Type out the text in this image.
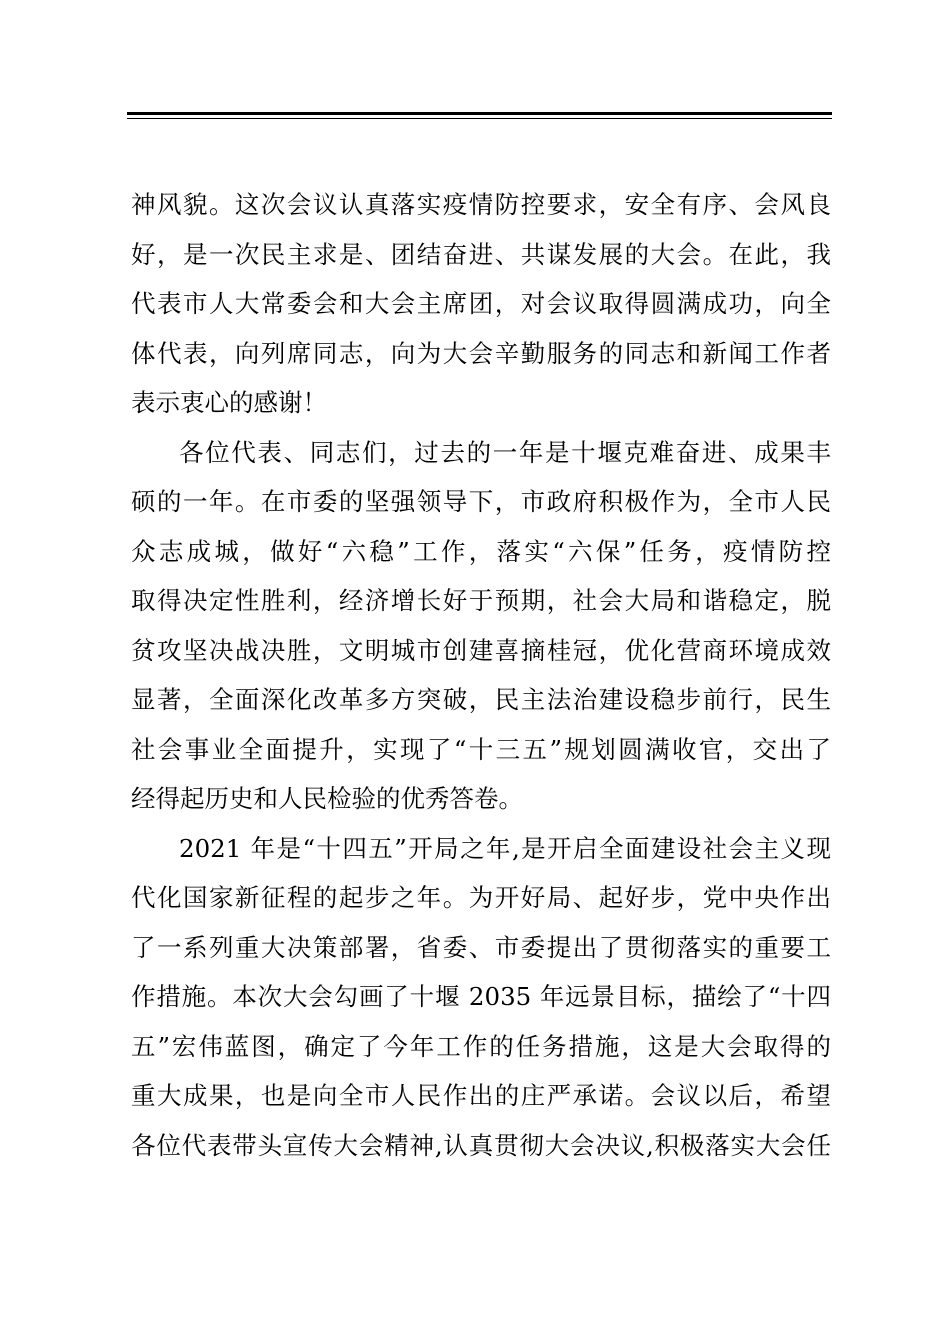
神风貌。这次会议认真落实疫情防控要求，安全有序、会风良
好，是一次民主求是、团结奋进、共谋发展的大会。在此，我
代表市人大常委会和大会主席团，对会议取得圆满成功，向全
体代表，向列席同志，向为大会辛勤服务的同志和新闻工作者
表示衷心的感谢！
各位代表、同志们，过去的一年是十堰克难奋进、成果丰
硕的一年。在市委的坚强领导下，市政府积极作为，全市人民
众志成城，做好“六稳”工作，落实“六保”任务，疫情防控
取得决定性胜利，经济增长好于预期，社会大局和谐稳定，脱
贫攻坚决战决胜，文明城市创建喜摘桂冠，优化营商环境成效
显著，全面深化改革多方突破，民主法治建设稳步前行，民生
社会事业全面提升，实现了“十三五”规划圆满收官，交出了
经得起历史和人民检验的优秀答卷。
2021 年是“十四五”开局之年,是开启全面建设社会主义现
代化国家新征程的起步之年。为开好局、起好步，党中央作出
了一系列重大决策部署，省委、市委提出了贯彻落实的重要工
作措施。本次大会勾画了十堰 2035 年远景目标，描绘了“十四
五”宏伟蓝图，确定了今年工作的任务措施，这是大会取得的
重大成果，也是向全市人民作出的庄严承诺。会议以后，希望
各位代表带头宣传大会精神,认真贯彻大会决议,积极落实大会任
